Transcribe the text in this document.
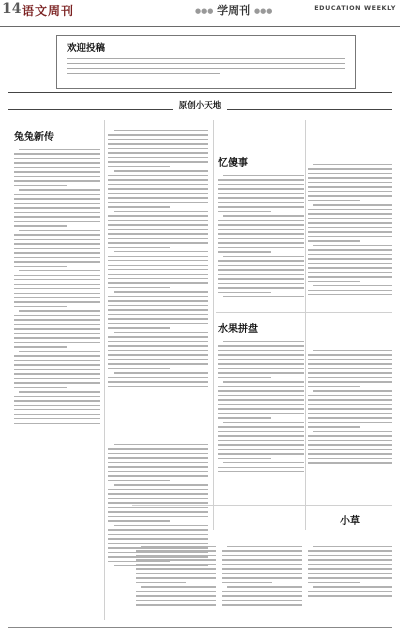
14 语文周刊	●●● 学周刊 ●●●	EDUCATION WEEKLY
欢迎投稿
原创小天地
兔兔新传
忆傻事
水果拼盘
小草
